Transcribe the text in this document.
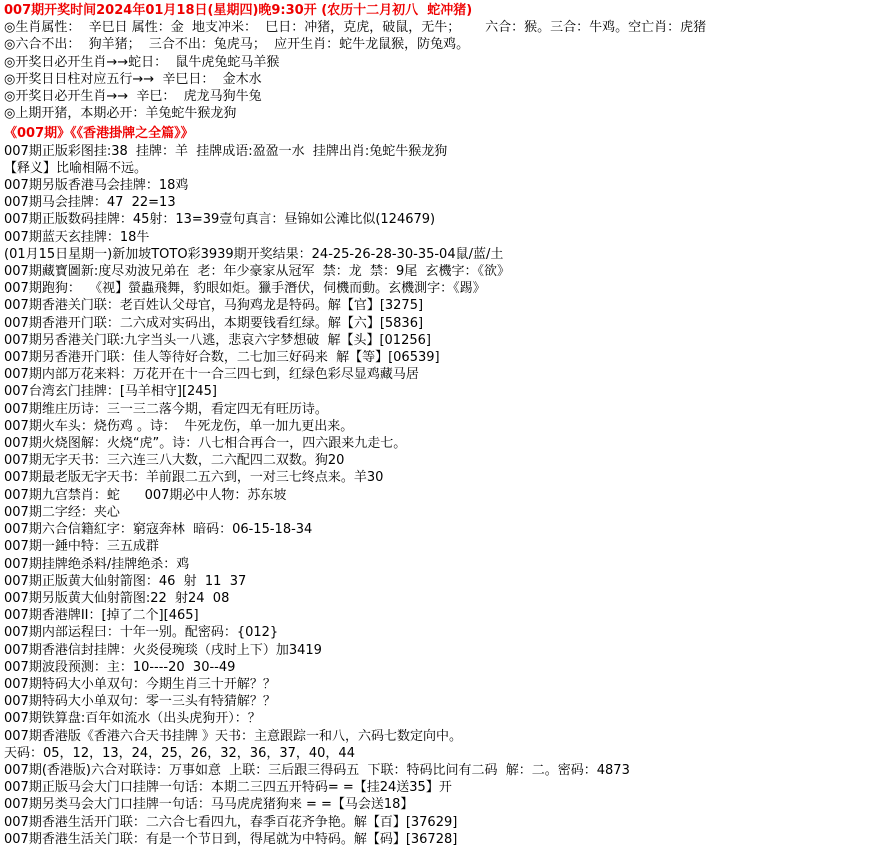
007期开奖时间2024年01月18日(星期四)晚9:30开 (农历十二月初八  蛇冲猪)
◎生肖属性：  辛巳日 属性：金  地支冲米：  巳日：冲猪，克虎，破鼠，无牛；      六合：猴。三合：牛鸡。空亡肖：虎猪
◎六合不出：  狗羊猪；  三合不出：兔虎马；  应开生肖：蛇牛龙鼠猴，防兔鸡。
◎开奖日必开生肖→→蛇日：  鼠牛虎兔蛇马羊猴
◎开奖日日柱对应五行→→  辛巳日：  金木水
◎开奖日必开生肖→→  辛巳：  虎龙马狗牛兔
◎上期开猪，本期必开：羊兔蛇牛猴龙狗
《007期》《《香港掛牌之全篇》》
007期正版彩图挂:38  挂牌：羊  挂牌成语:盈盈一水  挂牌出肖:兔蛇牛猴龙狗
【释义】比喻相隔不远。
007期另版香港马会挂牌：18鸡
007期马会挂牌：47  22=13
007期正版数码挂牌：45射：13=39壹句真言：昼锦如公滩比似(124679)
007期蓝天玄挂牌：18牛
(01月15日星期一)新加坡TOTO彩3939期开奖结果：24-25-26-28-30-35-04鼠/蓝/土
007期藏寶圖新:度尽劝波兄弟在  老：年少豪家从冠军  禁：龙  禁：9尾  玄機字：《欲》
007期跑狗：  《视】螢蟲飛舞，豹眼如炬。獵手潛伏，伺機而動。玄機測字：《踢》
007期香港关门联：老百姓认父母官，马狗鸡龙是特码。解【官】[3275]
007期香港开门联：二六成对实码出，本期要钱看红绿。解【六】[5836]
007期另香港关门联:九字当头一八逃，悲哀六字梦想破  解【头】[01256]
007期另香港开门联：佳人等待好合数，二七加三好码来  解【等】[06539]
007期内部万花来料：万花开在十一合三四七到，红绿色彩尽显鸡藏马居
007台湾玄门挂牌：[马羊相守][245]
007期维庄历诗：三一三二落今期，看定四无有旺历诗。
007期火车头：烧伤鸡 。诗：  牛死龙伤，单一加九更出来。
007期火烧图解：火烧“虎”。诗：八七相合再合一，四六跟来九走七。
007期无字天书：三六连三八大数，二六配四二双数。狗20
007期最老版无字天书：羊前跟二五六到，一对三七终点来。羊30
007期九宫禁肖：蛇      007期必中人物：苏东坡
007期二字经：夹心
007期六合信籍紅字：窮寇奔林  暗码：06-15-18-34
007期一錘中特：三五成群
007期挂牌绝杀料/挂牌绝杀：鸡
007期正版黄大仙射箭图：46  射  11  37
007期另版黄大仙射箭图:22  射24  08
007期香港牌II：[掉了二个][465]
007期内部运程曰：十年一别。配密码：{012}
007期香港信封挂牌：火炎侵琬琰（戌时上下）加3419
007期波段预测：主：10----20  30--49
007期特码大小单双句：今期生肖三十开解？？
007期特码大小单双句：零一三头有特猜解？？
007期铁算盘:百年如流水（出头虎狗开）：？
007期香港版《香港六合天书挂牌 》天书：主意跟踪一和八，六码七数定向中。
天码：05，12，13，24，25，26，32，36，37，40，44
007期(香港版)六合对联诗：万事如意  上联：三后跟三得码五  下联：特码比问有二码  解：二。密码：4873
007期正版马会大门口挂牌一句话：本期二三四五开特码= =【挂24送35】开
007期另类马会大门口挂牌一句话：马马虎虎猪狗来 = =【马会送18】
007期香港生活开门联：二六合七看四九，春季百花齐争艳。解【百】[37629]
007期香港生活关门联：有是一个节日到，得尾就为中特码。解【码】[36728]
